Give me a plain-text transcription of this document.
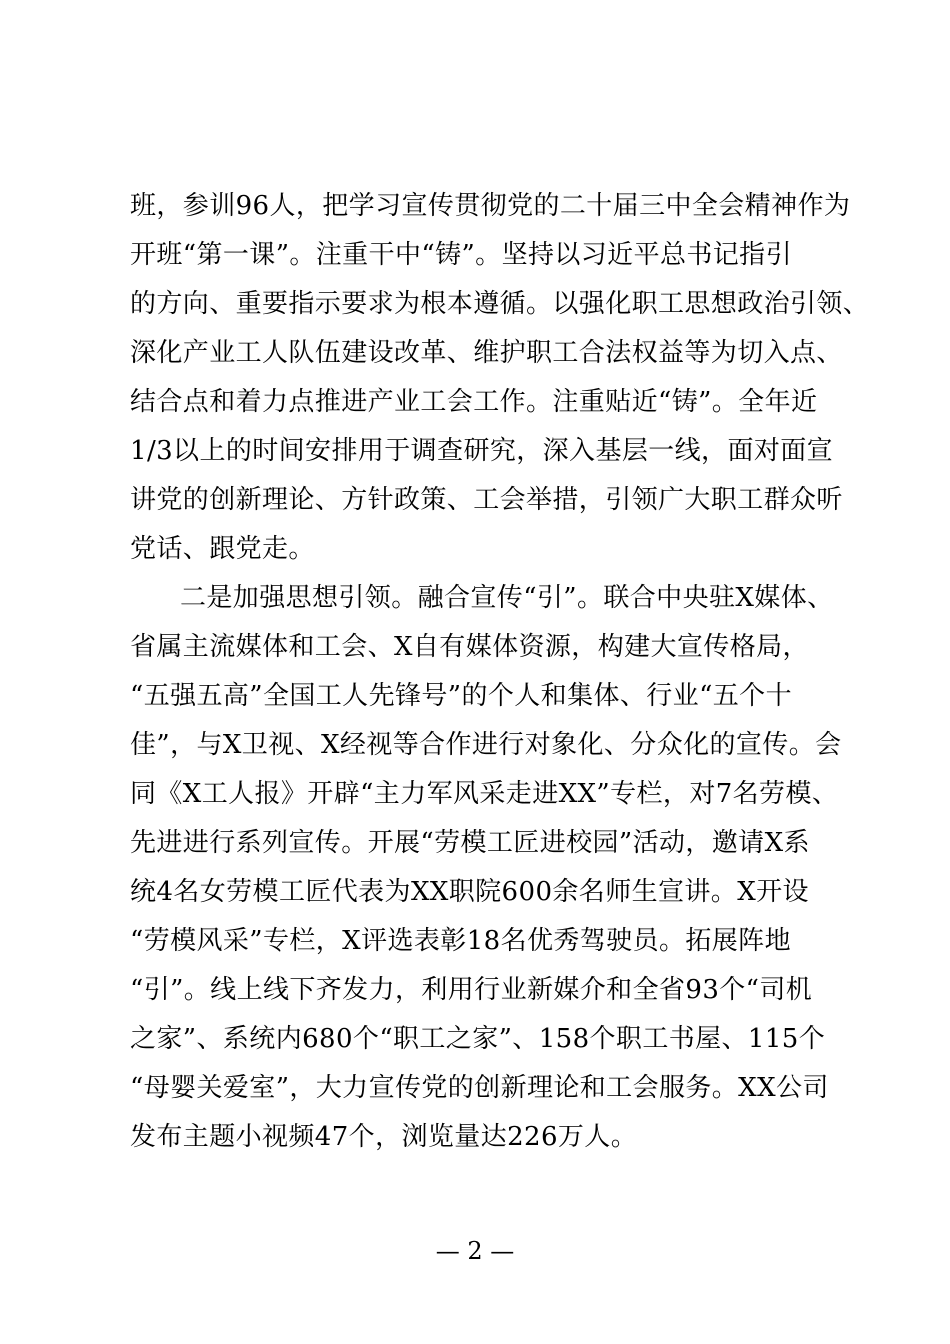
班，参训96人，把学习宣传贯彻党的二十届三中全会精神作为
开班“第一课”。注重干中“铸”。坚持以习近平总书记指引
的方向、重要指示要求为根本遵循。以强化职工思想政治引领、
深化产业工人队伍建设改革、维护职工合法权益等为切入点、
结合点和着力点推进产业工会工作。注重贴近“铸”。全年近
1/3以上的时间安排用于调查研究，深入基层一线，面对面宣
讲党的创新理论、方针政策、工会举措，引领广大职工群众听
党话、跟党走。
二是加强思想引领。融合宣传“引”。联合中央驻X媒体、
省属主流媒体和工会、X自有媒体资源，构建大宣传格局，
“五强五高”全国工人先锋号”的个人和集体、行业“五个十
佳”，与X卫视、X经视等合作进行对象化、分众化的宣传。会
同《X工人报》开辟“主力军风采走进XX”专栏，对7名劳模、
先进进行系列宣传。开展“劳模工匠进校园”活动，邀请X系
统4名女劳模工匠代表为XX职院600余名师生宣讲。X开设
“劳模风采”专栏，X评选表彰18名优秀驾驶员。拓展阵地
“引”。线上线下齐发力，利用行业新媒介和全省93个“司机
之家”、系统内680个“职工之家”、158个职工书屋、115个
“母婴关爱室”，大力宣传党的创新理论和工会服务。XX公司
发布主题小视频47个，浏览量达226万人。
— 2 —
